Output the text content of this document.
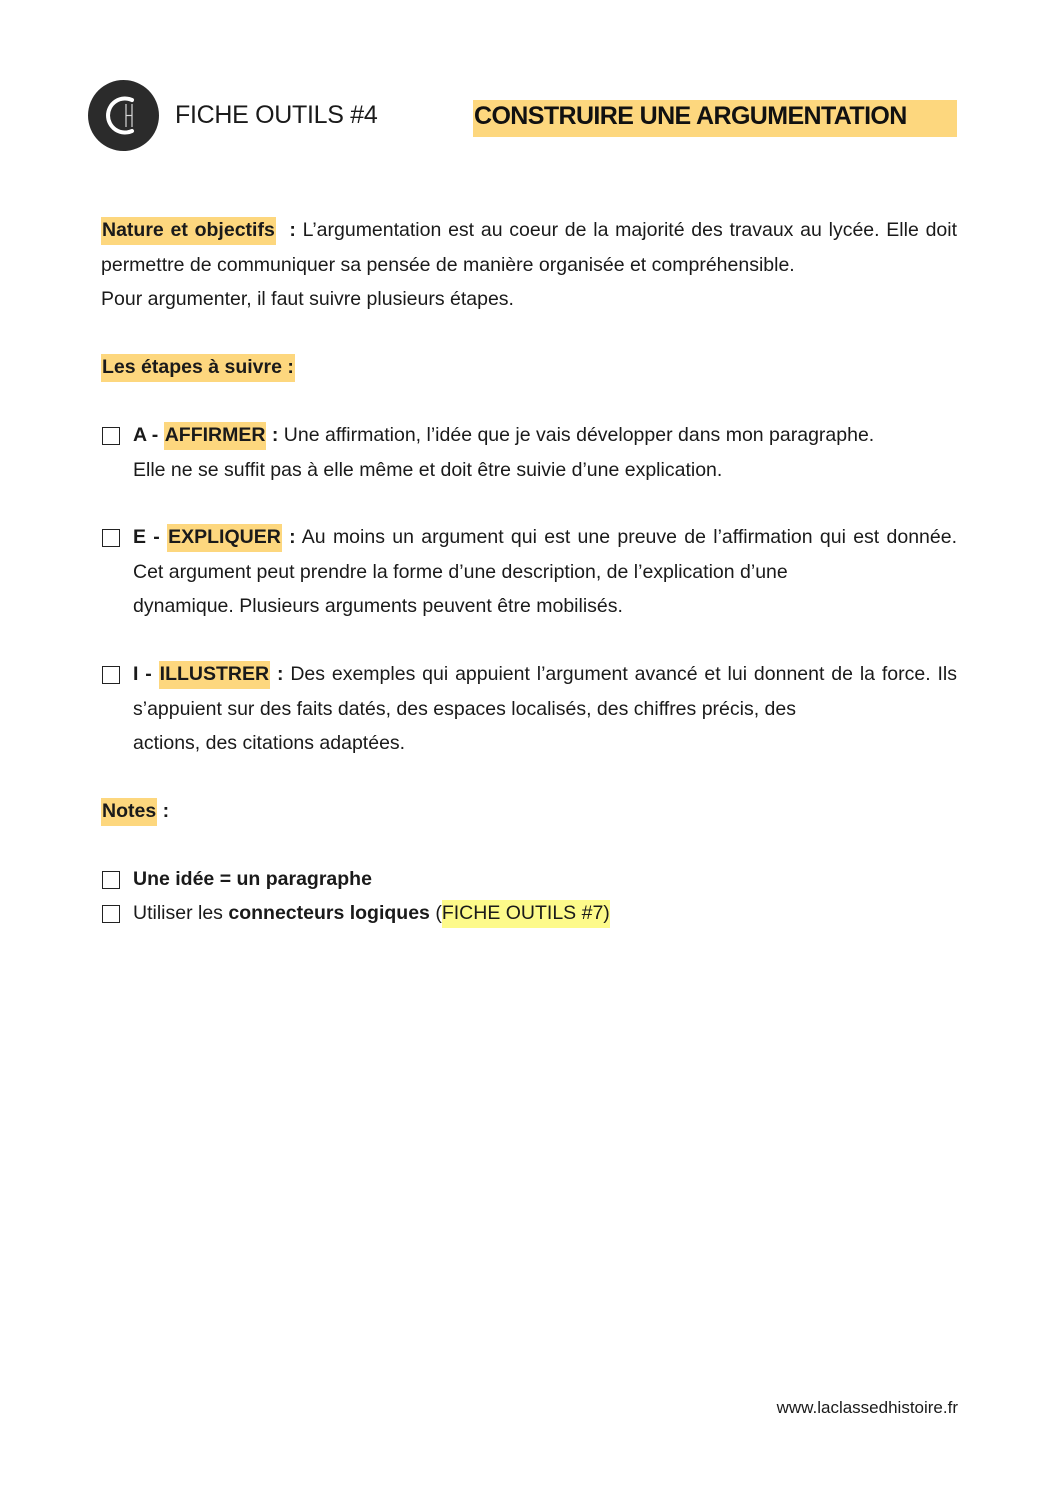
FICHE OUTILS #4	CONSTRUIRE UNE ARGUMENTATION
Nature et objectifs  : L’argumentation est au coeur de la majorité des travaux au lycée. Elle doit permettre de communiquer sa pensée de manière organisée et compréhensible.
Pour argumenter, il faut suivre plusieurs étapes.
Les étapes à suivre :
A - AFFIRMER : Une affirmation, l’idée que je vais développer dans mon paragraphe.
Elle ne se suffit pas à elle même et doit être suivie d’une explication.
E - EXPLIQUER : Au moins un argument qui est une preuve de l’affirmation qui est donnée. Cet argument peut prendre la forme d’une description, de l’explication d’une
dynamique. Plusieurs arguments peuvent être mobilisés.
I - ILLUSTRER : Des exemples qui appuient l’argument avancé et lui donnent de la force. Ils s’appuient sur des faits datés, des espaces localisés, des chiffres précis, des
actions, des citations adaptées.
Notes :
Une idée = un paragraphe
Utiliser les connecteurs logiques (FICHE OUTILS #7)
www.laclassedhistoire.fr
